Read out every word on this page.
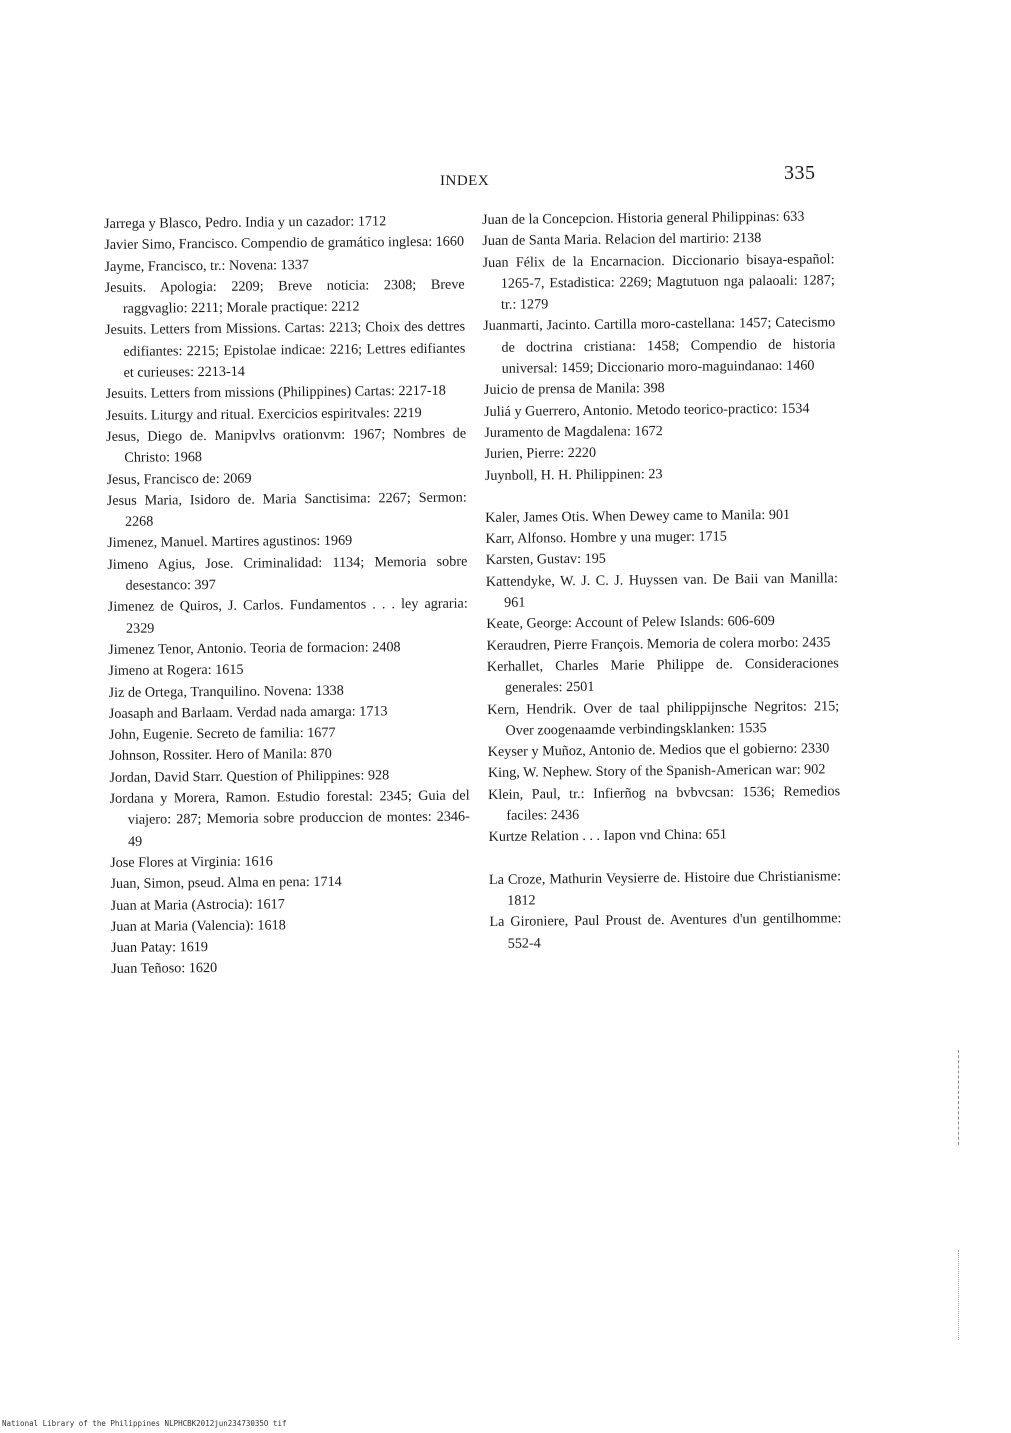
INDEX	335

Jarrega y Blasco, Pedro. India y un cazador: 1712

Javier Simo, Francisco. Compendio de gramático inglesa: 1660

Jayme, Francisco, tr.: Novena: 1337

Jesuits. Apologia: 2209; Breve noticia: 2308; Breve raggvaglio: 2211; Morale practique: 2212

Jesuits. Letters from Missions. Cartas: 2213; Choix des dettres edifiantes: 2215; Epistolae indicae: 2216; Lettres edifiantes et curieuses: 2213-14

Jesuits. Letters from missions (Philippines) Cartas: 2217-18

Jesuits. Liturgy and ritual. Exercicios espiritvales: 2219

Jesus, Diego de. Manipvlvs orationvm: 1967; Nombres de Christo: 1968

Jesus, Francisco de: 2069

Jesus Maria, Isidoro de. Maria Sanctisima: 2267; Sermon: 2268

Jimenez, Manuel. Martires agustinos: 1969

Jimeno Agius, Jose. Criminalidad: 1134; Memoria sobre desestanco: 397

Jimenez de Quiros, J. Carlos. Fundamentos . . . ley agraria: 2329

Jimenez Tenor, Antonio. Teoria de formacion: 2408

Jimeno at Rogera: 1615

Jiz de Ortega, Tranquilino. Novena: 1338

Joasaph and Barlaam. Verdad nada amarga: 1713

John, Eugenie. Secreto de familia: 1677

Johnson, Rossiter. Hero of Manila: 870

Jordan, David Starr. Question of Philippines: 928

Jordana y Morera, Ramon. Estudio forestal: 2345; Guia del viajero: 287; Memoria sobre produccion de montes: 2346-49

Jose Flores at Virginia: 1616

Juan, Simon, pseud. Alma en pena: 1714

Juan at Maria (Astrocia): 1617

Juan at Maria (Valencia): 1618

Juan Patay: 1619

Juan Teñoso: 1620

Juan de la Concepcion. Historia general Philippinas: 633

Juan de Santa Maria. Relacion del martirio: 2138

Juan Félix de la Encarnacion. Diccionario bisaya-español: 1265-7, Estadistica: 2269; Magtutuon nga palaoali: 1287; tr.: 1279

Juanmarti, Jacinto. Cartilla moro-castellana: 1457; Catecismo de doctrina cristiana: 1458; Compendio de historia universal: 1459; Diccionario moro-maguindanao: 1460

Juicio de prensa de Manila: 398

Juliá y Guerrero, Antonio. Metodo teorico-practico: 1534

Juramento de Magdalena: 1672

Jurien, Pierre: 2220

Juynboll, H. H. Philippinen: 23

Kaler, James Otis. When Dewey came to Manila: 901

Karr, Alfonso. Hombre y una muger: 1715

Karsten, Gustav: 195

Kattendyke, W. J. C. J. Huyssen van. De Baii van Manilla: 961

Keate, George: Account of Pelew Islands: 606-609

Keraudren, Pierre François. Memoria de colera morbo: 2435

Kerhallet, Charles Marie Philippe de. Consideraciones generales: 2501

Kern, Hendrik. Over de taal philippijnsche Negritos: 215; Over zoogenaamde verbindingsklanken: 1535

Keyser y Muñoz, Antonio de. Medios que el gobierno: 2330

King, W. Nephew. Story of the Spanish-American war: 902

Klein, Paul, tr.: Infierñog na bvbvcsan: 1536; Remedios faciles: 2436

Kurtze Relation . . . Iapon vnd China: 651

La Croze, Mathurin Veysierre de. Histoire due Christianisme: 1812

La Gironiere, Paul Proust de. Aventures d'un gentilhomme: 552-4

National Library of the Philippines NLPHCBK2012jun23473035O tif
